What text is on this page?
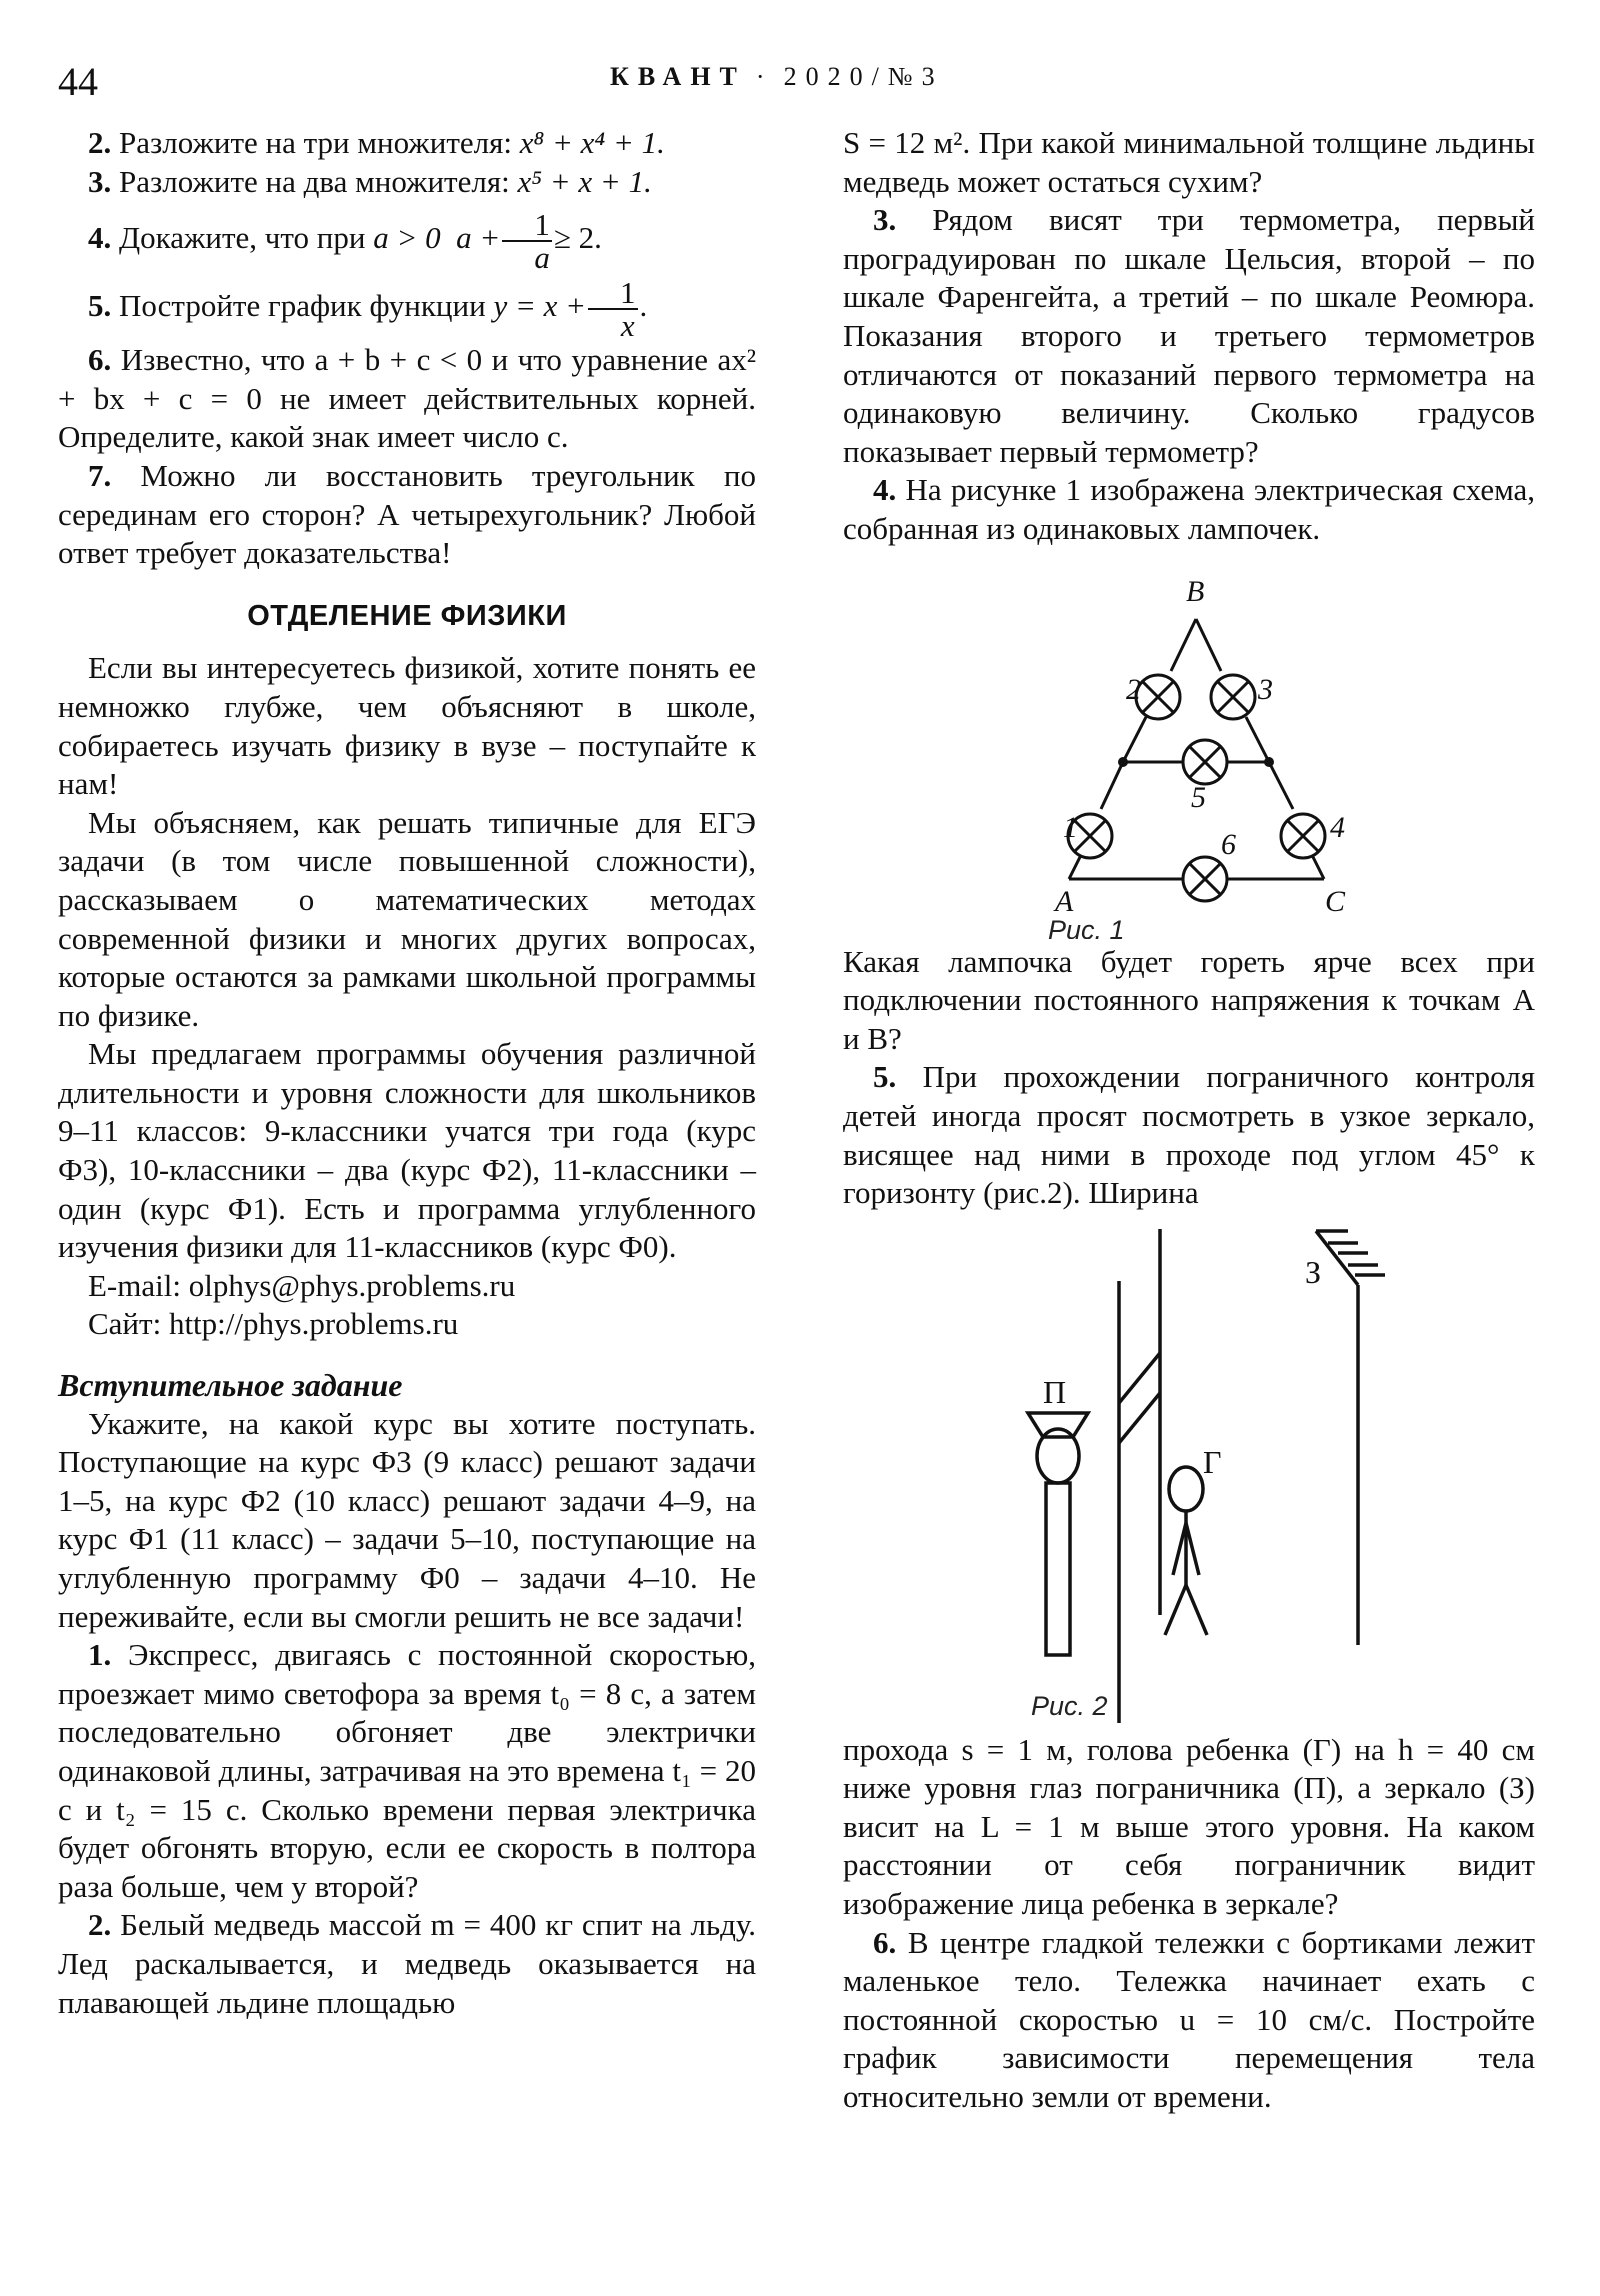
44	КВАНТ · 2020/№3

2. Разложите на три множителя: x⁸ + x⁴ + 1.

3. Разложите на два множителя: x⁵ + x + 1.

4. Докажите, что при a > 0 $a + \frac{1}{a} \ge 2$.

5. Постройте график функции $y = x + \frac{1}{x}$ .

6. Известно, что a + b + c < 0 и что уравнение ax² + bx + c = 0 не имеет действительных корней. Определите, какой знак имеет число c.

7. Можно ли восстановить треугольник по серединам его сторон? А четырехугольник? Любой ответ требует доказательства!

ОТДЕЛЕНИЕ ФИЗИКИ

Если вы интересуетесь физикой, хотите понять ее немножко глубже, чем объясняют в школе, собираетесь изучать физику в вузе – поступайте к нам!

Мы объясняем, как решать типичные для ЕГЭ задачи (в том числе повышенной сложности), рассказываем о математических методах современной физики и многих других вопросах, которые остаются за рамками школьной программы по физике.

Мы предлагаем программы обучения различной длительности и уровня сложности для школьников 9–11 классов: 9-классники учатся три года (курс Ф3), 10-классники – два (курс Ф2), 11-классники – один (курс Ф1). Есть и программа углубленного изучения физики для 11-классников (курс Ф0).

E-mail: olphys@phys.problems.ru

Сайт: http://phys.problems.ru

Вступительное задание

Укажите, на какой курс вы хотите поступать. Поступающие на курс Ф3 (9 класс) решают задачи 1–5, на курс Ф2 (10 класс) решают задачи 4–9, на курс Ф1 (11 класс) – задачи 5–10, поступающие на углубленную программу Ф0 – задачи 4–10. Не переживайте, если вы смогли решить не все задачи!

1. Экспресс, двигаясь с постоянной скоростью, проезжает мимо светофора за время t₀ = 8 с, а затем последовательно обгоняет две электрички одинаковой длины, затрачивая на это времена t₁ = 20 с и t₂ = 15 с. Сколько времени первая электричка будет обгонять вторую, если ее скорость в полтора раза больше, чем у второй?

2. Белый медведь массой m = 400 кг спит на льду. Лед раскалывается, и медведь оказывается на плавающей льдине площадью

S = 12 м². При какой минимальной толщине льдины медведь может остаться сухим?

3. Рядом висят три термометра, первый проградуирован по шкале Цельсия, второй – по шкале Фаренгейта, а третий – по шкале Реомюра. Показания второго и третьего термометров отличаются от показаний первого термометра на одинаковую величину. Сколько градусов показывает первый термометр?

4. На рисунке 1 изображена электрическая схема, собранная из одинаковых лампочек.

B
A	C
2	3
5
1	4
6
Рис. 1

Какая лампочка будет гореть ярче всех при подключении постоянного напряжения к точкам A и B?

5. При прохождении пограничного контроля детей иногда просят посмотреть в узкое зеркало, висящее над ними в проходе под углом 45° к горизонту (рис.2). Ширина

П
Г
З
Рис. 2

прохода s = 1 м, голова ребенка (Г) на h = 40 см ниже уровня глаз пограничника (П), а зеркало (З) висит на L = 1 м выше этого уровня. На каком расстоянии от себя пограничник видит изображение лица ребенка в зеркале?

6. В центре гладкой тележки с бортиками лежит маленькое тело. Тележка начинает ехать с постоянной скоростью u = 10 см/с. Постройте график зависимости перемещения тела относительно земли от времени.
